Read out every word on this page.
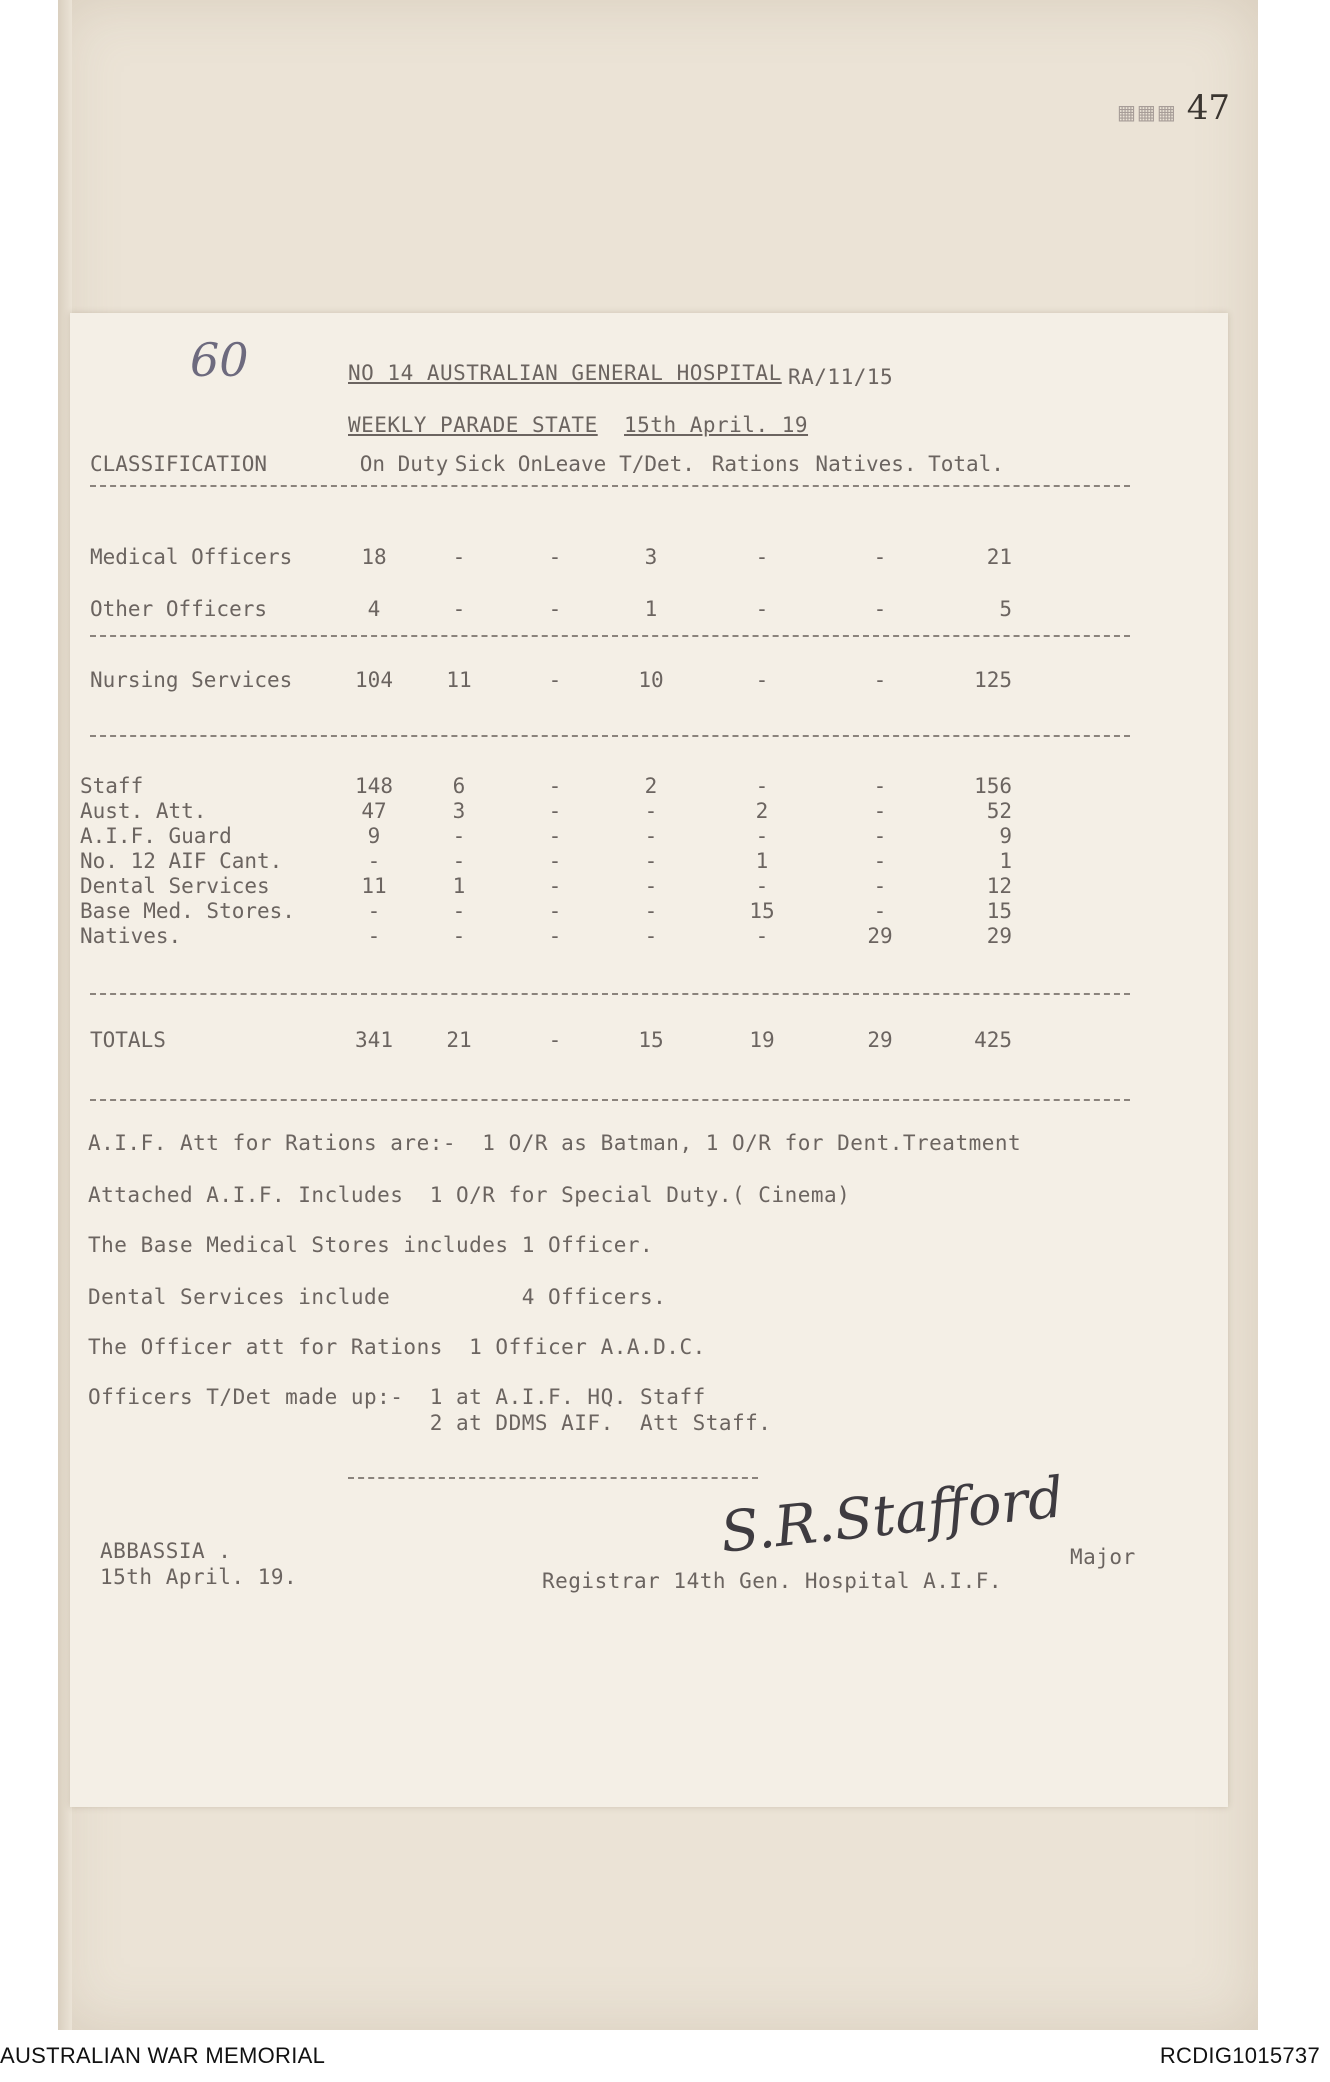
▦▦▦ 47
60	NO 14 AUSTRALIAN GENERAL HOSPITAL RA/11/15
WEEKLY PARADE STATE 15th April. 19
CLASSIFICATION	On Duty	Sick	OnLeave	T/Det.	Rations	Natives.	Total.
Medical Officers	18	-	-	3	-	-	21
Other Officers	4	-	-	1	-	-	5
Nursing Services	104	11	-	10	-	-	125
Staff	148	6	-	2	-	-	156
Aust. Att.	47	3	-	-	2	-	52
A.I.F. Guard	9	-	-	-	-	-	9
No. 12 AIF Cant.	-	-	-	-	1	-	1
Dental Services	11	1	-	-	-	-	12
Base Med. Stores.	-	-	-	-	15	-	15
Natives.	-	-	-	-	-	29	29
TOTALS	341	21	-	15	19	29	425
A.I.F. Att for Rations are:-  1 O/R as Batman, 1 O/R for Dent.Treatment
Attached A.I.F. Includes  1 O/R for Special Duty.( Cinema)
The Base Medical Stores includes 1 Officer.
Dental Services include          4 Officers.
The Officer att for Rations  1 Officer A.A.D.C.
Officers T/Det made up:-  1 at A.I.F. HQ. Staff
2 at DDMS AIF.  Att Staff.
S.R.Stafford
ABBASSIA .
15th April. 19.
Major
Registrar 14th Gen. Hospital A.I.F.
AUSTRALIAN WAR MEMORIAL	RCDIG1015737
